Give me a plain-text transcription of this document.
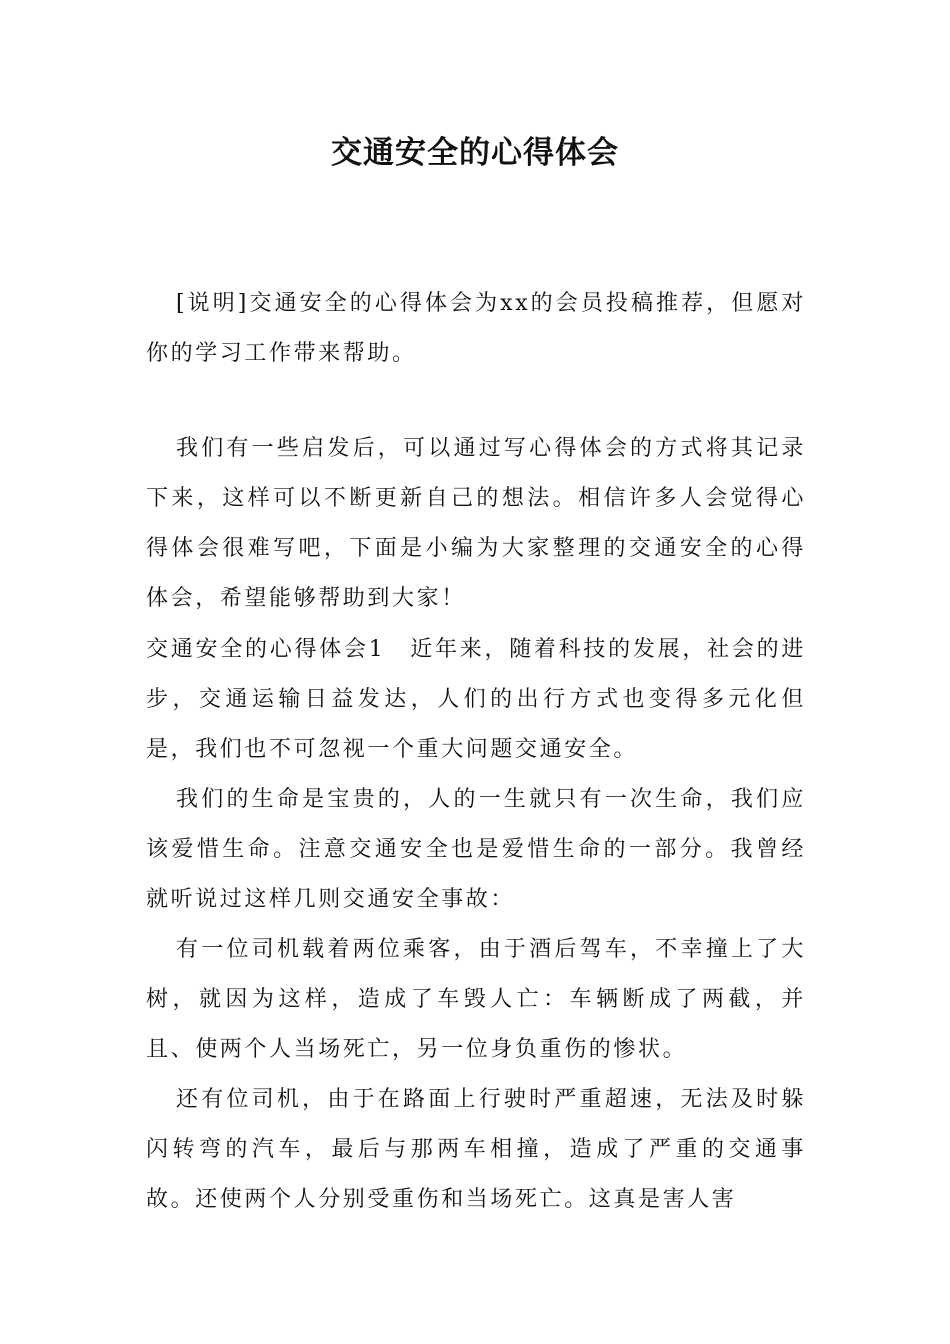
交通安全的心得体会

[说明]交通安全的心得体会为xx的会员投稿推荐，但愿对你的学习工作带来帮助。

我们有一些启发后，可以通过写心得体会的方式将其记录下来，这样可以不断更新自己的想法。相信许多人会觉得心得体会很难写吧，下面是小编为大家整理的交通安全的心得体会，希望能够帮助到大家！

交通安全的心得体会1　近年来，随着科技的发展，社会的进步，交通运输日益发达，人们的出行方式也变得多元化但是，我们也不可忽视一个重大问题交通安全。

我们的生命是宝贵的，人的一生就只有一次生命，我们应该爱惜生命。注意交通安全也是爱惜生命的一部分。我曾经就听说过这样几则交通安全事故：

有一位司机载着两位乘客，由于酒后驾车，不幸撞上了大树，就因为这样，造成了车毁人亡：车辆断成了两截，并且、使两个人当场死亡，另一位身负重伤的惨状。

还有位司机，由于在路面上行驶时严重超速，无法及时躲闪转弯的汽车，最后与那两车相撞，造成了严重的交通事故。还使两个人分别受重伤和当场死亡。这真是害人害
